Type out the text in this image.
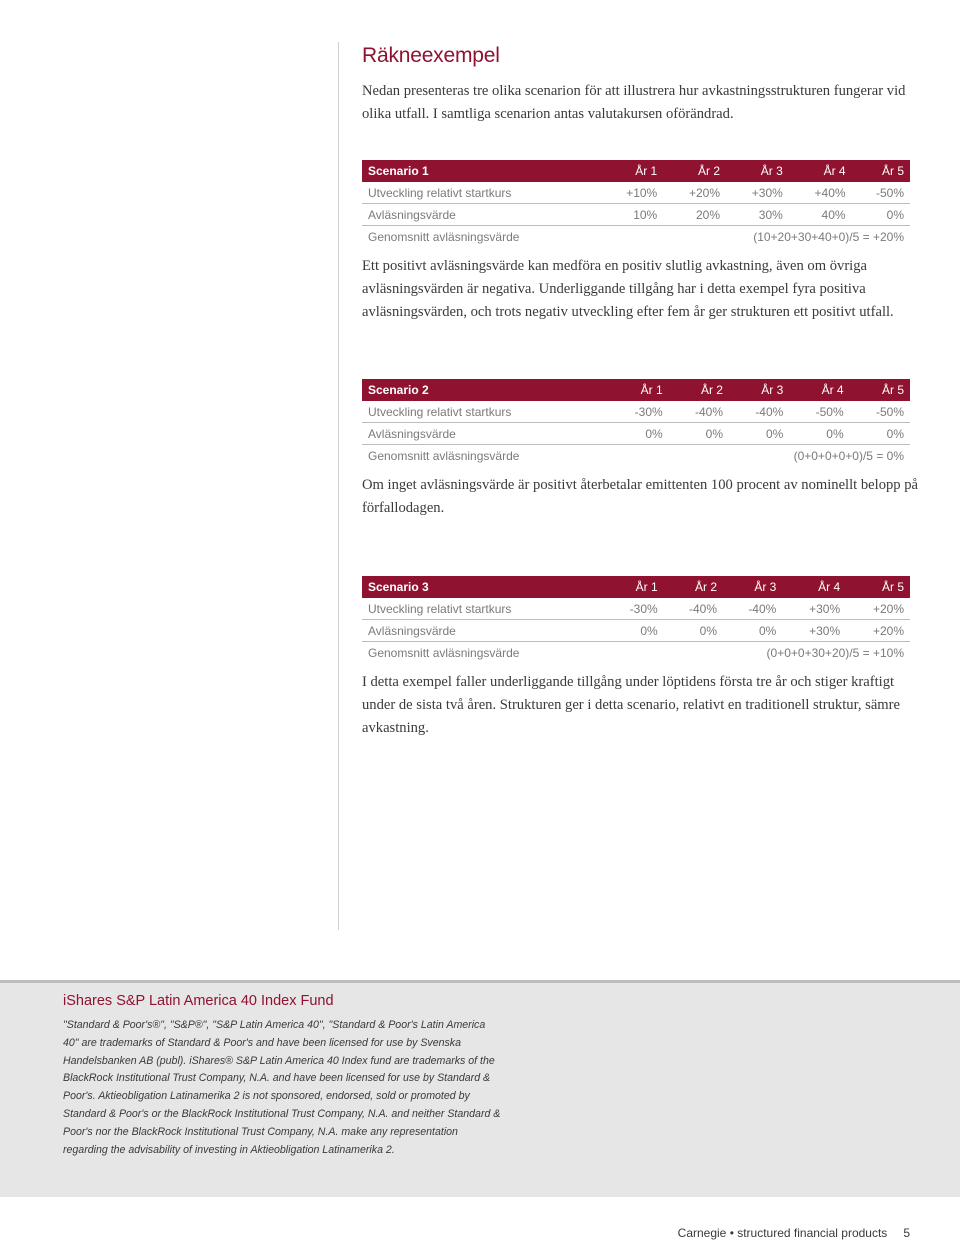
Räkneexempel

Nedan presenteras tre olika scenarion för att illustrera hur avkastningsstrukturen fungerar vid olika utfall. I samtliga scenarion antas valutakursen oförändrad.

Scenario 1	År 1	År 2	År 3	År 4	År 5
Utveckling relativt startkurs	+10%	+20%	+30%	+40%	-50%
Avläsningsvärde	10%	20%	30%	40%	0%
Genomsnitt avläsningsvärde	(10+20+30+40+0)/5 = +20%				

Ett positivt avläsningsvärde kan medföra en positiv slutlig avkastning, även om övriga avläsningsvärden är negativa. Underliggande tillgång har i detta exempel fyra positiva avläsningsvärden, och trots negativ utveckling efter fem år ger strukturen ett positivt utfall.

Scenario 2	År 1	År 2	År 3	År 4	År 5
Utveckling relativt startkurs	-30%	-40%	-40%	-50%	-50%
Avläsningsvärde	0%	0%	0%	0%	0%
Genomsnitt avläsningsvärde	(0+0+0+0+0)/5 = 0%				

Om inget avläsningsvärde är positivt återbetalar emittenten 100 procent av nominellt belopp på förfallodagen.

Scenario 3	År 1	År 2	År 3	År 4	År 5
Utveckling relativt startkurs	-30%	-40%	-40%	+30%	+20%
Avläsningsvärde	0%	0%	0%	+30%	+20%
Genomsnitt avläsningsvärde	(0+0+0+30+20)/5 = +10%				

I detta exempel faller underliggande tillgång under löptidens första tre år och stiger kraftigt under de sista två åren. Strukturen ger i detta scenario, relativt en traditionell struktur, sämre avkastning.

iShares S&P Latin America 40 Index Fund

"Standard & Poor's®", "S&P®", "S&P Latin America 40", "Standard & Poor's Latin America 40" are trademarks of Standard & Poor's and have been licensed for use by Svenska Handelsbanken AB (publ). iShares® S&P Latin America 40 Index fund are trademarks of the BlackRock Institutional Trust Company, N.A. and have been licensed for use by Standard & Poor's. Aktieobligation Latinamerika 2 is not sponsored, endorsed, sold or promoted by Standard & Poor's or the BlackRock Institutional Trust Company, N.A. and neither Standard & Poor's nor the BlackRock Institutional Trust Company, N.A. make any representation regarding the advisability of investing in Aktieobligation Latinamerika 2.

Carnegie • structured financial products 5
